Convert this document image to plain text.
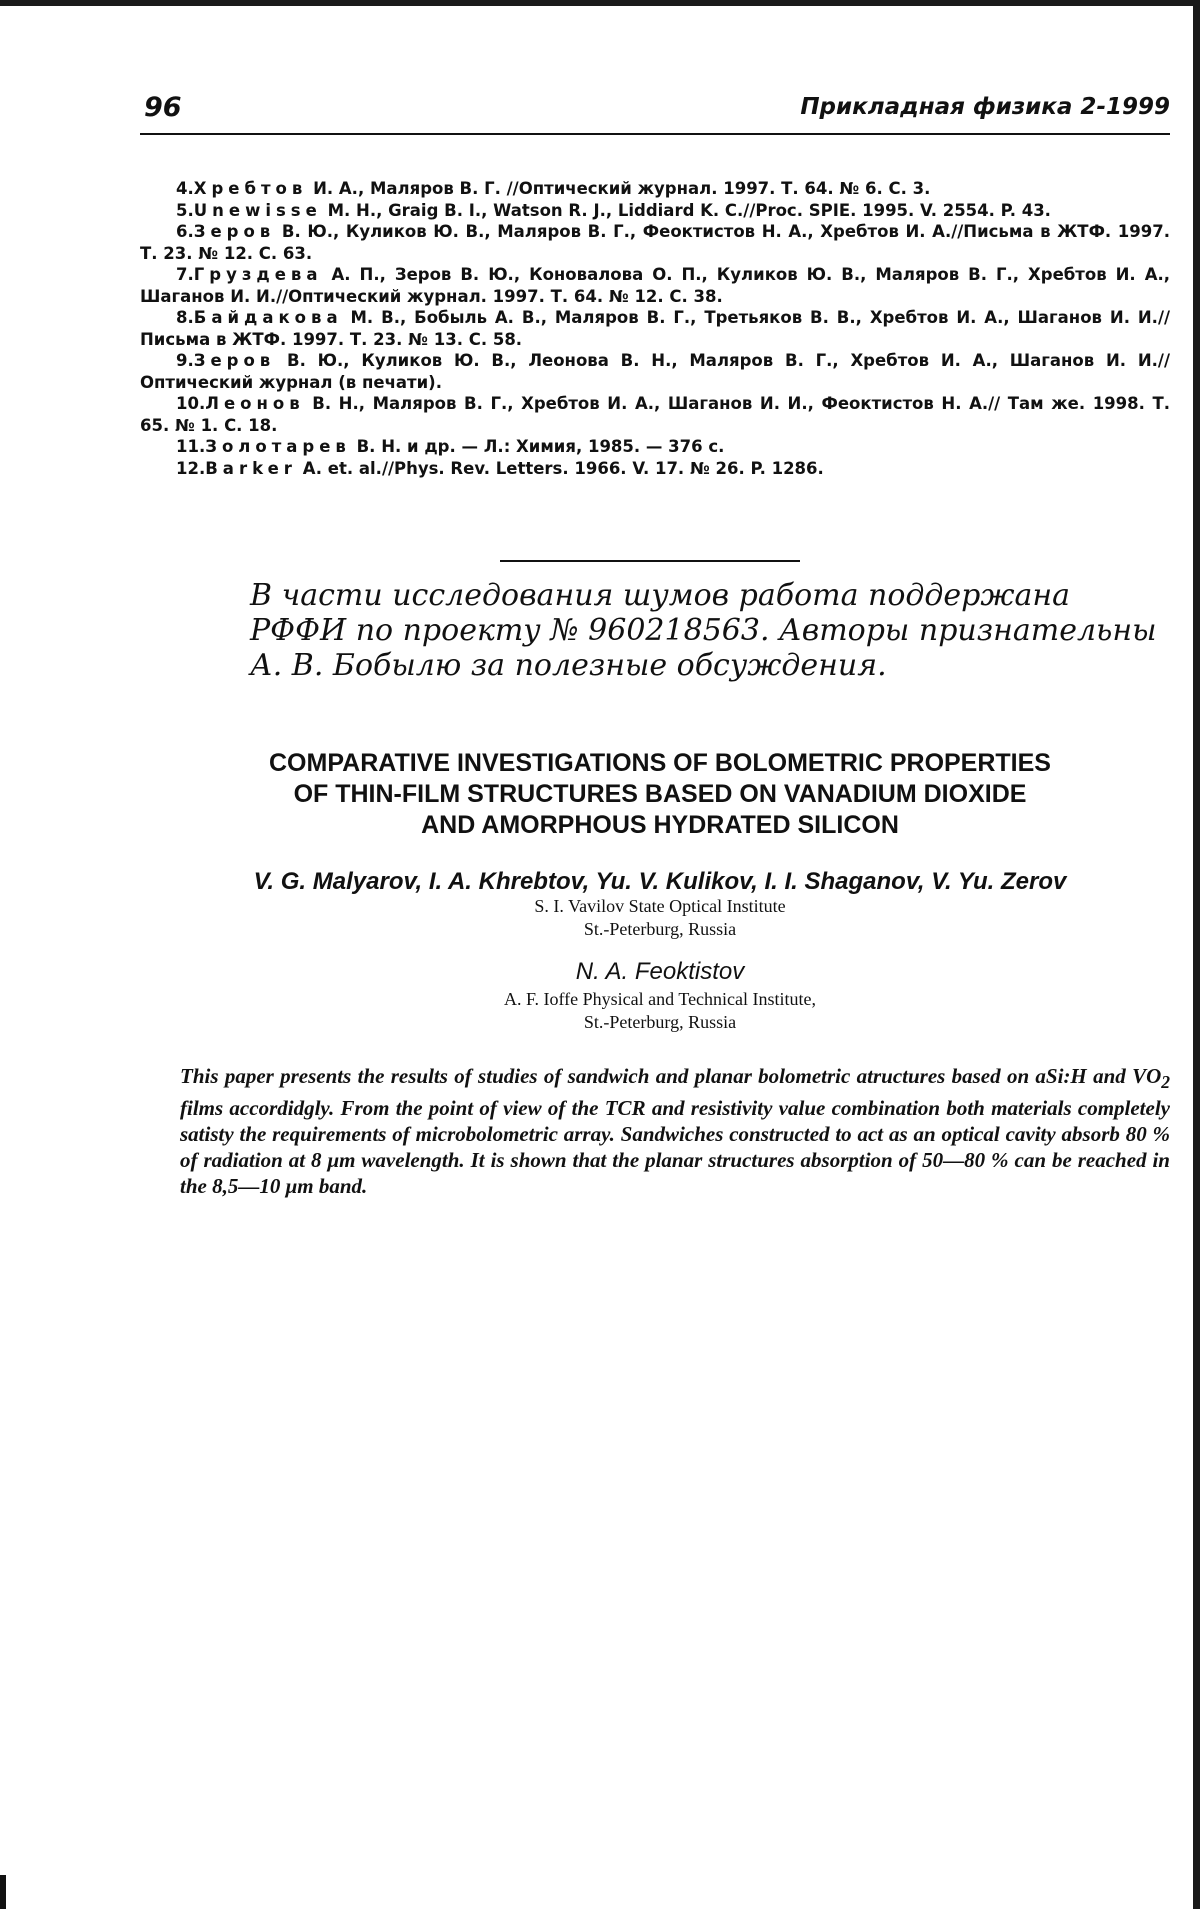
96	Прикладная физика 2-1999

4.Хребтов И. А., Маляров В. Г. //Оптический журнал. 1997. Т. 64. № 6. С. 3.

5.Unewisse M. H., Graig B. I., Watson R. J., Liddiard K. C.//Proc. SPIE. 1995. V. 2554. P. 43.

6.Зеров В. Ю., Куликов Ю. В., Маляров В. Г., Феоктистов Н. А., Хребтов И. А.//Письма в ЖТФ. 1997. Т. 23. № 12. С. 63.

7.Груздева А. П., Зеров В. Ю., Коновалова О. П., Куликов Ю. В., Маляров В. Г., Хребтов И. А., Шаганов И. И.//Оптический журнал. 1997. Т. 64. № 12. С. 38.

8.Байдакова М. В., Бобыль А. В., Маляров В. Г., Третьяков В. В., Хребтов И. А., Шаганов И. И.//Письма в ЖТФ. 1997. Т. 23. № 13. С. 58.

9.Зеров В. Ю., Куликов Ю. В., Леонова В. Н., Маляров В. Г., Хребтов И. А., Шаганов И. И.//Оптический журнал (в печати).

10.Леонов В. Н., Маляров В. Г., Хребтов И. А., Шаганов И. И., Феоктистов Н. А.// Там же. 1998. Т. 65. № 1. С. 18.

11.Золотарев В. Н. и др. — Л.: Химия, 1985. — 376 с.

12.Barker A. et. al.//Phys. Rev. Letters. 1966. V. 17. № 26. P. 1286.

В части исследования шумов работа поддержана
РФФИ по проекту № 960218563. Авторы признательны
А. В. Бобылю за полезные обсуждения.
COMPARATIVE INVESTIGATIONS OF BOLOMETRIC PROPERTIES
OF THIN-FILM STRUCTURES BASED ON VANADIUM DIOXIDE
AND AMORPHOUS HYDRATED SILICON
V. G. Malyarov, I. A. Khrebtov, Yu. V. Kulikov, I. I. Shaganov, V. Yu. Zerov
S. I. Vavilov State Optical Institute
St.-Peterburg, Russia
N. A. Feoktistov
A. F. Ioffe Physical and Technical Institute,
St.-Peterburg, Russia
This paper presents the results of studies of sandwich and planar bolometric atructures based on aSi:H and $VO_2$ films accordidgly. From the point of view of the TCR and resistivity value combination both materials completely satisty the requirements of microbolometric array. Sandwiches constructed to act as an optical cavity absorb 80 % of radiation at 8 μm wavelength. It is shown that the planar structures absorption of 50—80 % can be reached in the 8,5—10 μm band.
